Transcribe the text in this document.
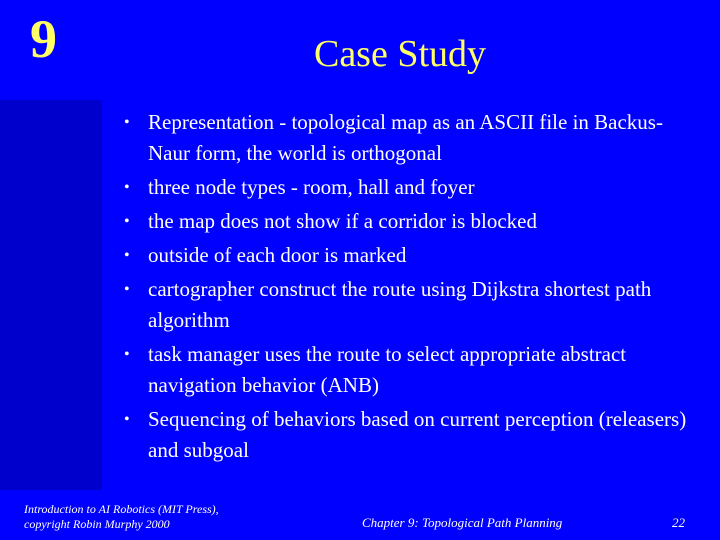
9	Case Study
• Representation - topological map as an ASCII file in Backus-Naur form, the world is orthogonal
• three node types - room, hall and foyer
• the map does not show if a corridor is blocked
• outside of each door is marked
• cartographer construct the route using Dijkstra shortest path algorithm
• task manager uses the route to select appropriate abstract navigation behavior (ANB)
• Sequencing of behaviors based on current perception (releasers) and subgoal
Introduction to AI Robotics (MIT Press),
copyright Robin Murphy 2000	Chapter 9: Topological Path Planning	22
